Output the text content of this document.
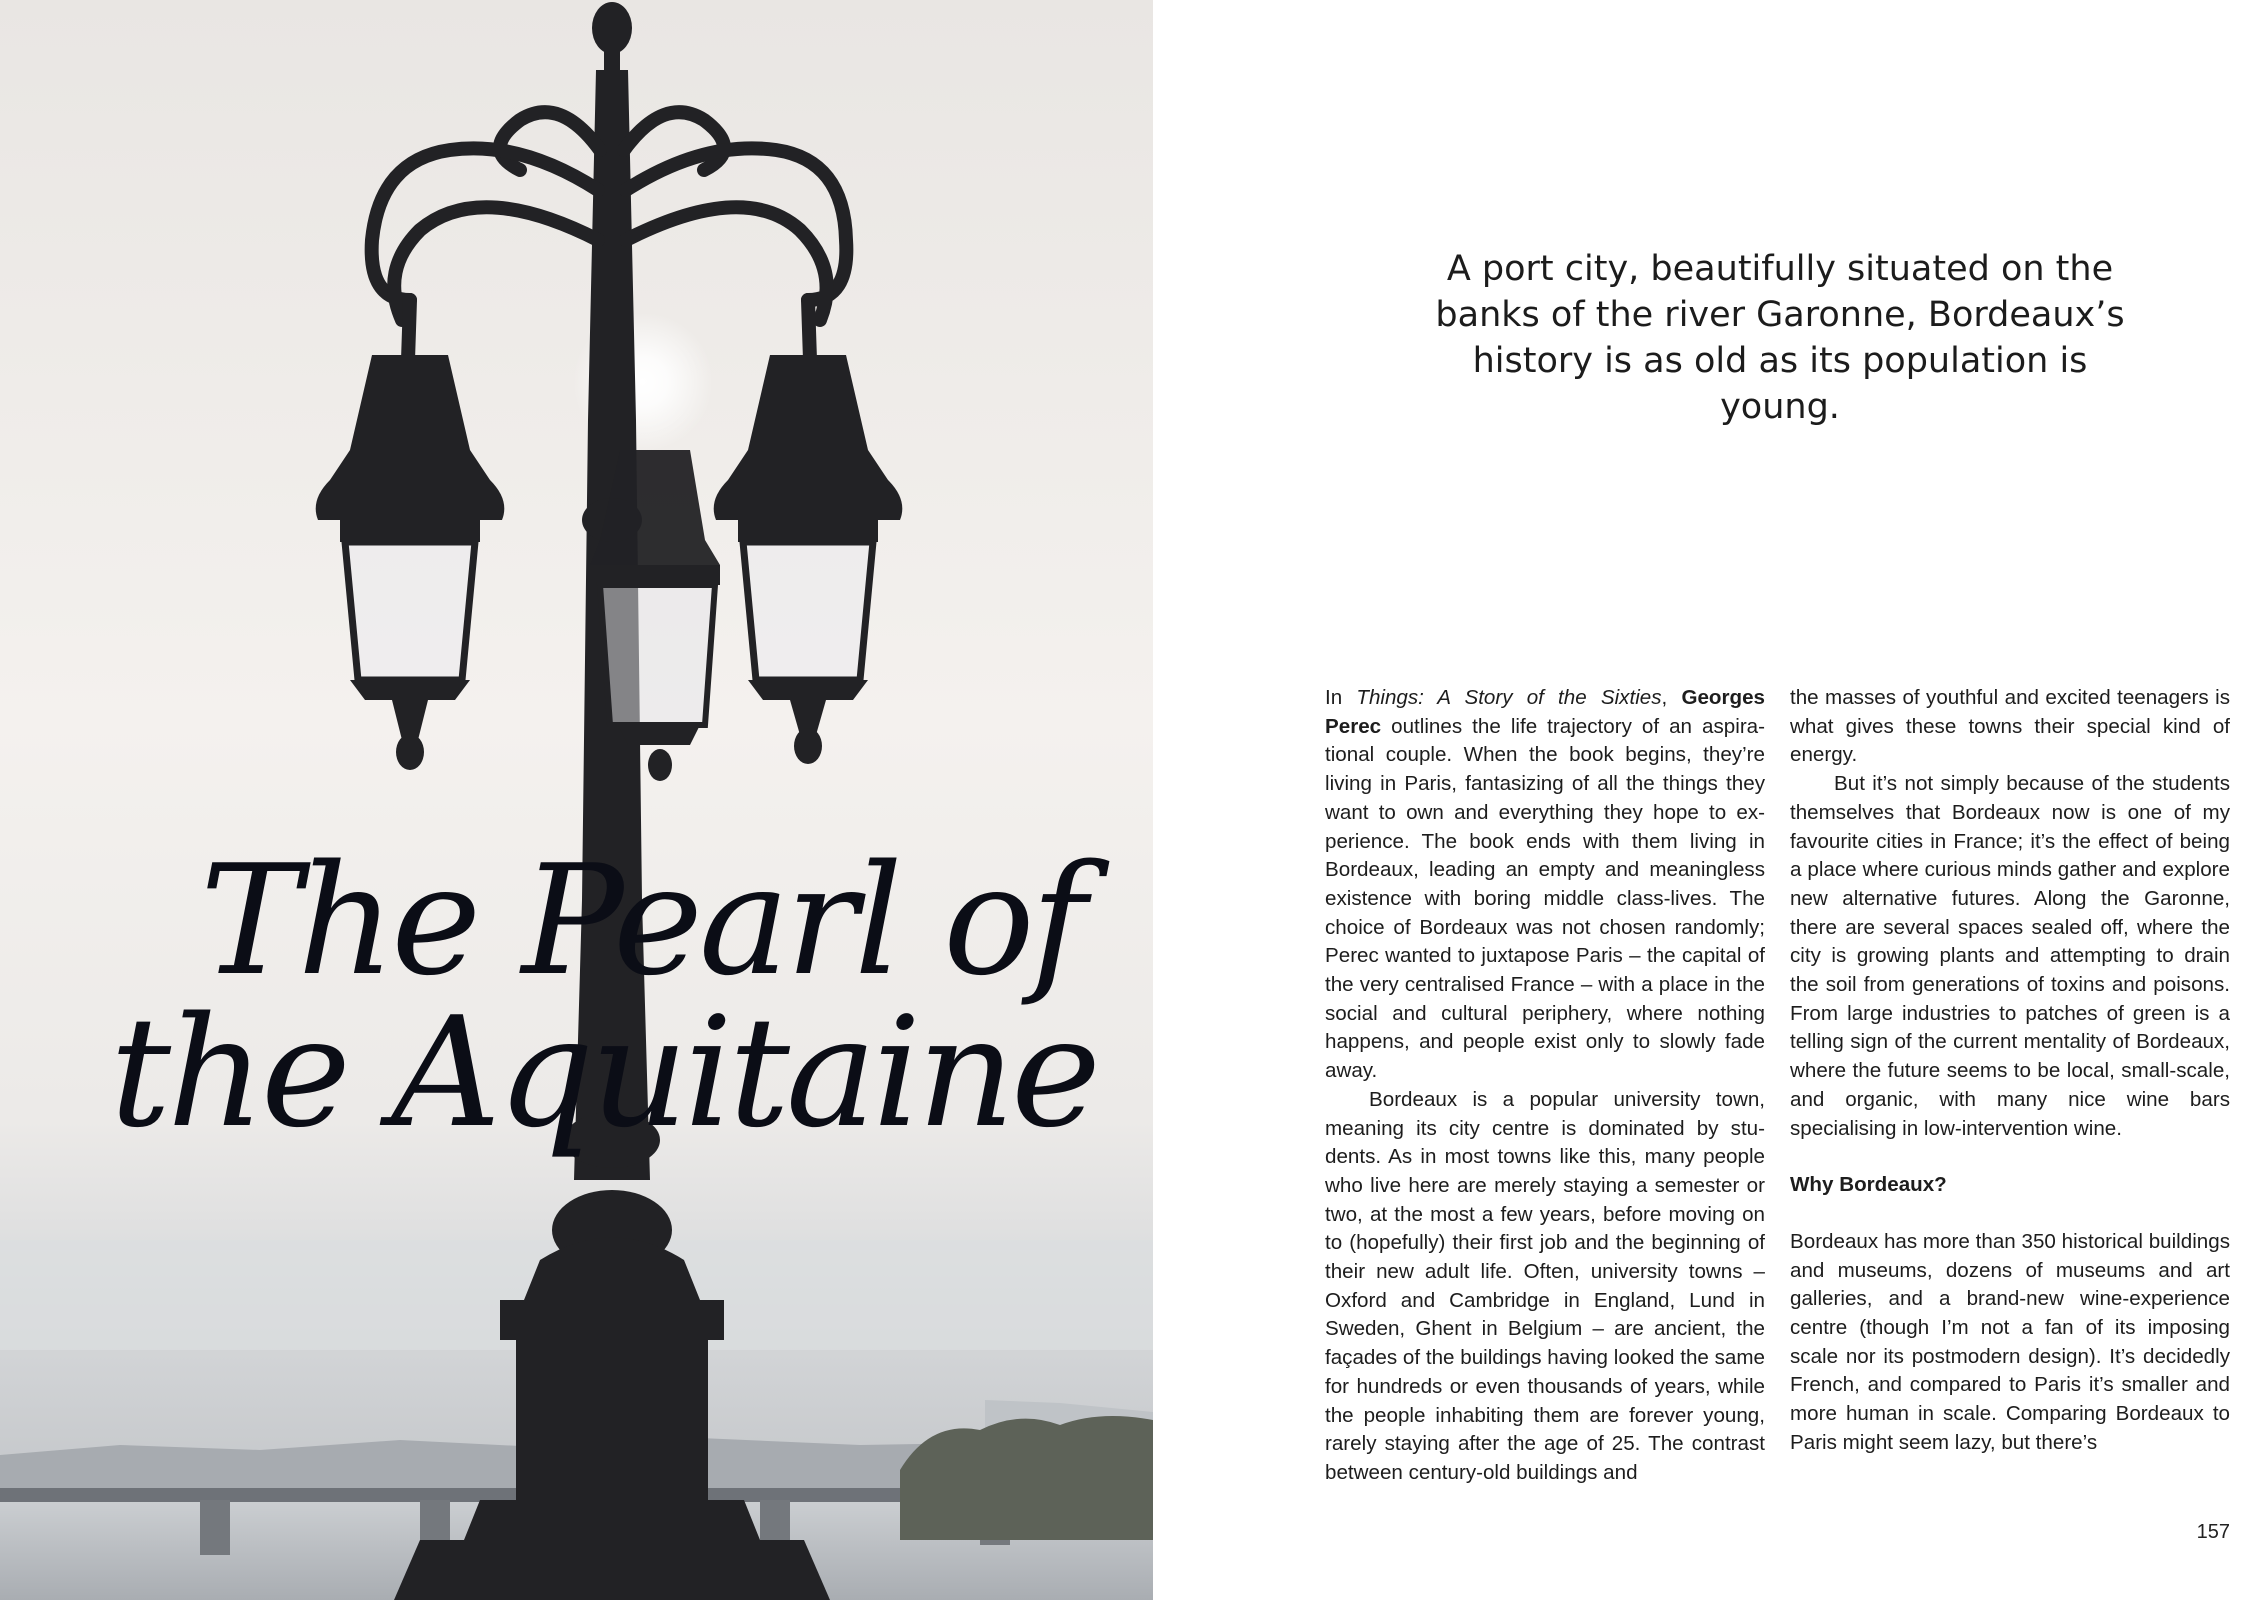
The Pearl of
the Aquitaine

A port city, beautifully situated on the banks of the river Garonne, Bordeaux’s history is as old as its population is young.

In Things: A Story of the Sixties, Georges Perec outlines the life trajectory of an aspirational couple. When the book begins, they’re living in Paris, fantasizing of all the things they want to own and everything they hope to experience. The book ends with them living in Bordeaux, leading an empty and meaningless existence with boring middle class-lives. The choice of Bordeaux was not chosen randomly; Perec wanted to juxtapose Paris – the capital of the very centralised France – with a place in the social and cultural periphery, where nothing happens, and people exist only to slowly fade away.

Bordeaux is a popular university town, meaning its city centre is dominated by students. As in most towns like this, many people who live here are merely staying a semester or two, at the most a few years, before moving on to (hopefully) their first job and the beginning of their new adult life. Often, university towns – Oxford and Cambridge in England, Lund in Sweden, Ghent in Belgium – are ancient, the façades of the buildings having looked the same for hundreds or even thousands of years, while the people inhabiting them are forever young, rarely staying after the age of 25. The contrast between century-old buildings and

the masses of youthful and excited teenagers is what gives these towns their special kind of energy.

But it’s not simply because of the students themselves that Bordeaux now is one of my favourite cities in France; it’s the effect of being a place where curious minds gather and explore new alternative futures. Along the Garonne, there are several spaces sealed off, where the city is growing plants and attempting to drain the soil from generations of toxins and poisons. From large industries to patches of green is a telling sign of the current mentality of Bordeaux, where the future seems to be local, small-scale, and organic, with many nice wine bars specialising in low-intervention wine.

Why Bordeaux?

Bordeaux has more than 350 historical buildings and museums, dozens of museums and art galleries, and a brand-new wine-experience centre (though I’m not a fan of its imposing scale nor its postmodern design). It’s decidedly French, and compared to Paris it’s smaller and more human in scale. Comparing Bordeaux to Paris might seem lazy, but there’s

157
